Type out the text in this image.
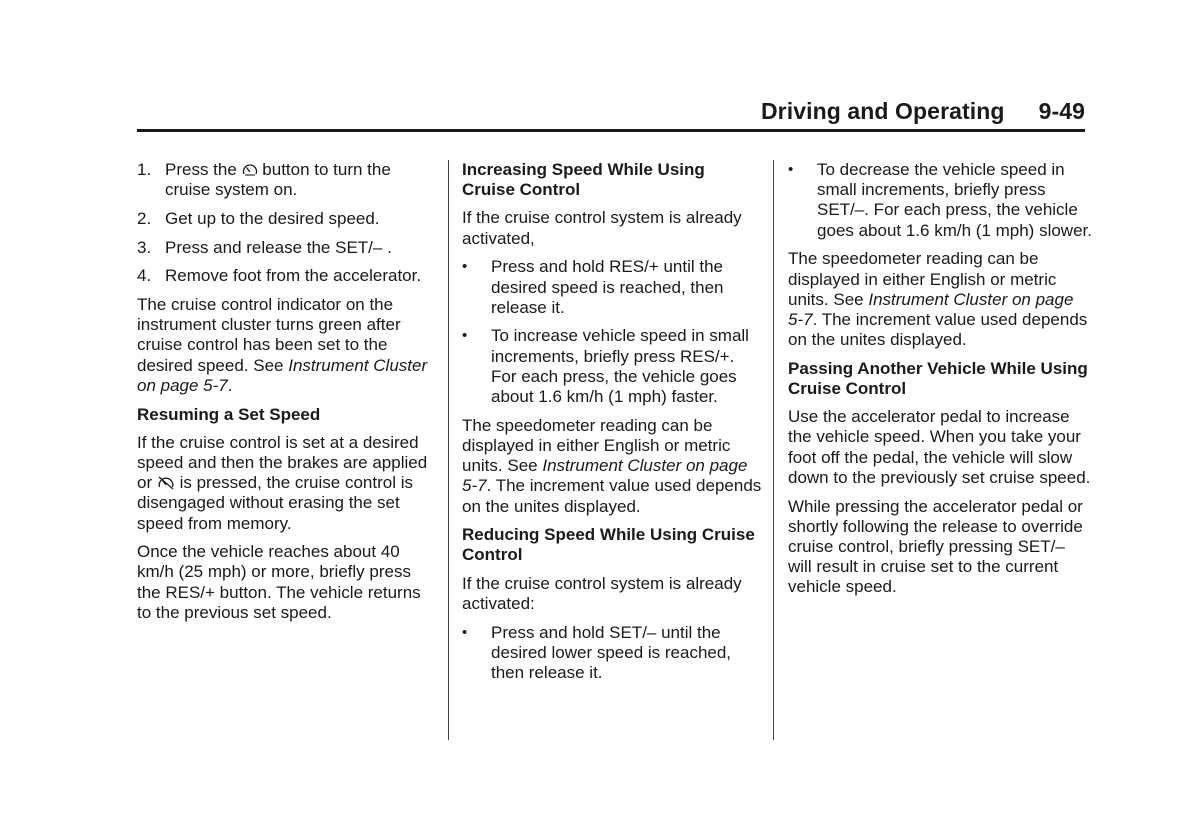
Driving and Operating 9-49
1. Press the button to turn the cruise system on.
2. Get up to the desired speed.
3. Press and release the SET/– .
4. Remove foot from the accelerator.

The cruise control indicator on the instrument cluster turns green after cruise control has been set to the desired speed. See Instrument Cluster on page 5-7.

Resuming a Set Speed

If the cruise control is set at a desired speed and then the brakes are applied or is pressed, the cruise control is disengaged without erasing the set speed from memory.

Once the vehicle reaches about 40 km/h (25 mph) or more, briefly press the RES/+ button. The vehicle returns to the previous set speed.

Increasing Speed While Using Cruise Control

If the cruise control system is already activated,

• Press and hold RES/+ until the desired speed is reached, then release it.
• To increase vehicle speed in small increments, briefly press RES/+. For each press, the vehicle goes about 1.6 km/h (1 mph) faster.

The speedometer reading can be displayed in either English or metric units. See Instrument Cluster on page 5-7. The increment value used depends on the unites displayed.

Reducing Speed While Using Cruise Control

If the cruise control system is already activated:

• Press and hold SET/– until the desired lower speed is reached, then release it.
• To decrease the vehicle speed in small increments, briefly press SET/–. For each press, the vehicle goes about 1.6 km/h (1 mph) slower.

The speedometer reading can be displayed in either English or metric units. See Instrument Cluster on page 5-7. The increment value used depends on the unites displayed.

Passing Another Vehicle While Using Cruise Control

Use the accelerator pedal to increase the vehicle speed. When you take your foot off the pedal, the vehicle will slow down to the previously set cruise speed.

While pressing the accelerator pedal or shortly following the release to override cruise control, briefly pressing SET/– will result in cruise set to the current vehicle speed.
